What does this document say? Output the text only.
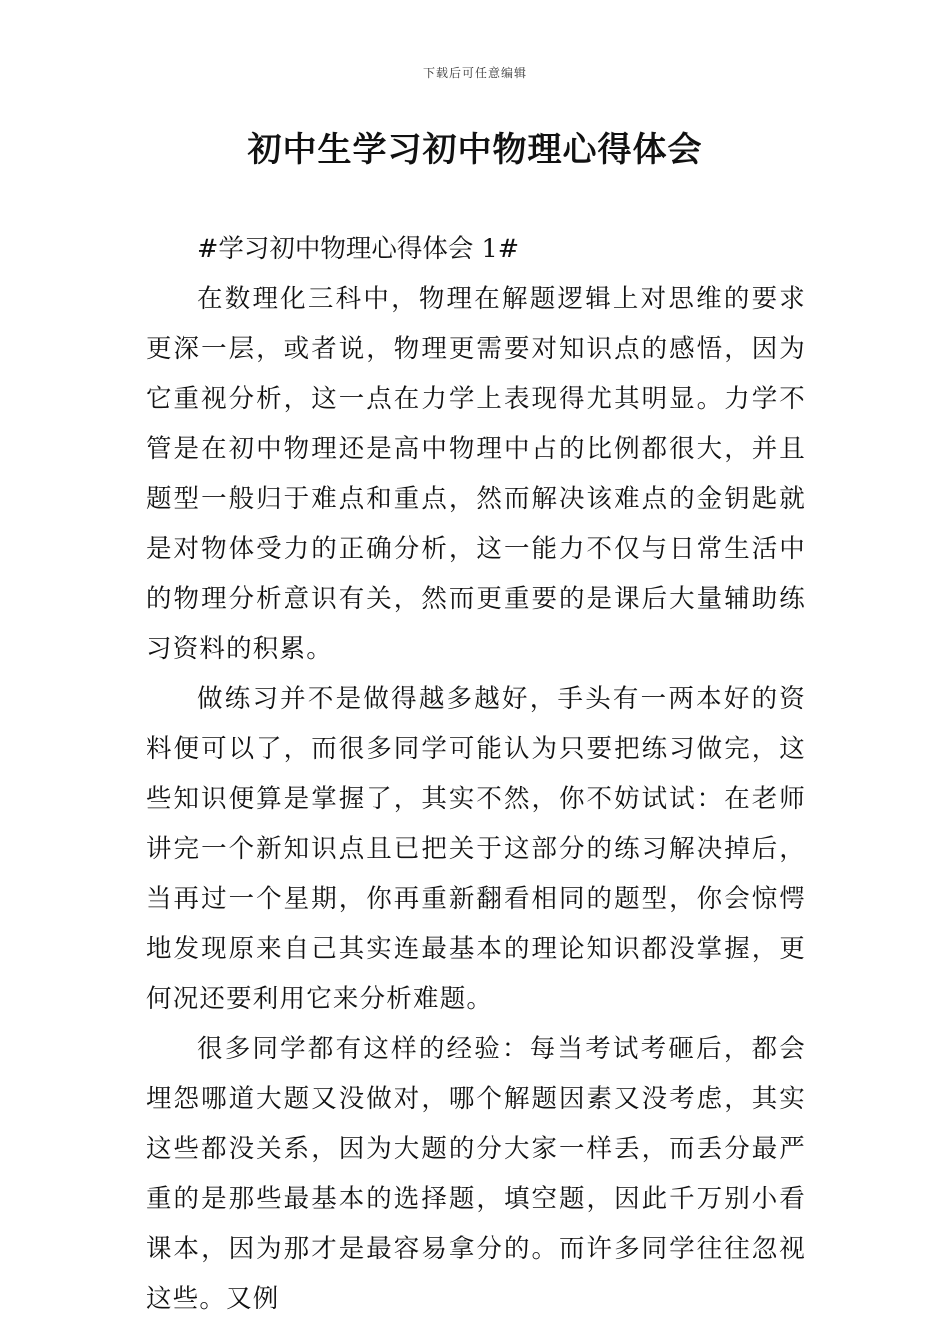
下载后可任意编辑
初中生学习初中物理心得体会
#学习初中物理心得体会 1#

在数理化三科中，物理在解题逻辑上对思维的要求更深一层，或者说，物理更需要对知识点的感悟，因为它重视分析，这一点在力学上表现得尤其明显。力学不管是在初中物理还是高中物理中占的比例都很大，并且题型一般归于难点和重点，然而解决该难点的金钥匙就是对物体受力的正确分析，这一能力不仅与日常生活中的物理分析意识有关，然而更重要的是课后大量辅助练习资料的积累。

做练习并不是做得越多越好，手头有一两本好的资料便可以了，而很多同学可能认为只要把练习做完，这些知识便算是掌握了，其实不然，你不妨试试：在老师讲完一个新知识点且已把关于这部分的练习解决掉后，当再过一个星期，你再重新翻看相同的题型，你会惊愕地发现原来自己其实连最基本的理论知识都没掌握，更何况还要利用它来分析难题。

很多同学都有这样的经验：每当考试考砸后，都会埋怨哪道大题又没做对，哪个解题因素又没考虑，其实这些都没关系，因为大题的分大家一样丢，而丢分最严重的是那些最基本的选择题，填空题，因此千万别小看课本，因为那才是最容易拿分的。而许多同学往往忽视这些。又例
